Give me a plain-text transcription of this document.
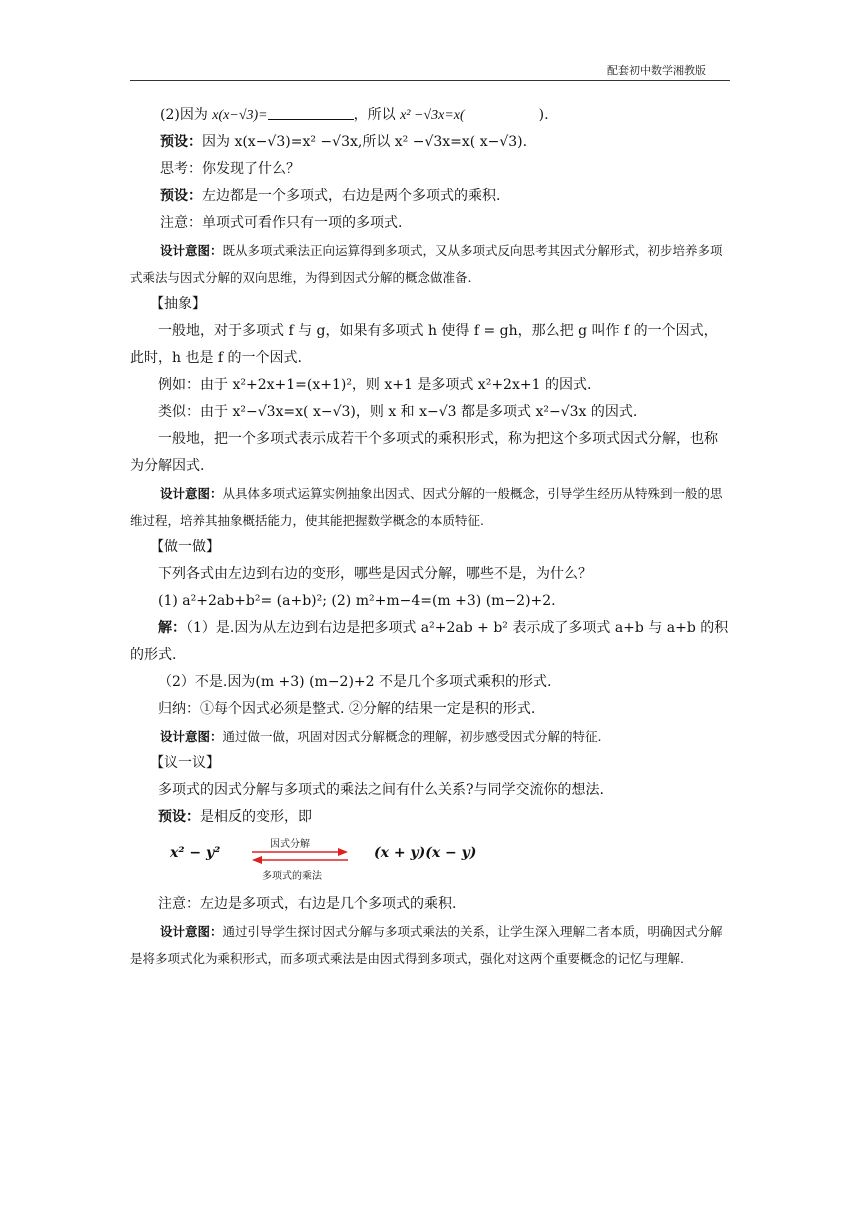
配套初中数学湘教版

(2)因为 x(x−√3)=	，所以 x² −√3x=x(	).

预设：因为 x(x−√3)=x² −√3x,所以 x² −√3x=x( x−√3).

思考：你发现了什么？

预设：左边都是一个多项式，右边是两个多项式的乘积.

注意：单项式可看作只有一项的多项式.

设计意图：既从多项式乘法正向运算得到多项式，又从多项式反向思考其因式分解形式，初步培养多项式乘法与因式分解的双向思维，为得到因式分解的概念做准备.

【抽象】

一般地，对于多项式 f 与 g，如果有多项式 h 使得 f = gh，那么把 g 叫作 f 的一个因式，此时，h 也是 f 的一个因式.

例如：由于 x²+2x+1=(x+1)²，则 x+1 是多项式 x²+2x+1 的因式.

类似：由于 x²−√3x=x( x−√3)，则 x 和 x−√3 都是多项式 x²−√3x 的因式.

一般地，把一个多项式表示成若干个多项式的乘积形式，称为把这个多项式因式分解，也称为分解因式.

设计意图：从具体多项式运算实例抽象出因式、因式分解的一般概念，引导学生经历从特殊到一般的思维过程，培养其抽象概括能力，使其能把握数学概念的本质特征.

【做一做】

下列各式由左边到右边的变形，哪些是因式分解，哪些不是，为什么？

(1) a²+2ab+b²= (a+b)²; (2) m²+m−4=(m +3) (m−2)+2.

解：（1）是.因为从左边到右边是把多项式 a²+2ab + b² 表示成了多项式 a+b 与 a+b 的积的形式.

（2）不是.因为(m +3) (m−2)+2 不是几个多项式乘积的形式.

归纳：①每个因式必须是整式. ②分解的结果一定是积的形式.

设计意图：通过做一做，巩固对因式分解概念的理解，初步感受因式分解的特征.

【议一议】

多项式的因式分解与多项式的乘法之间有什么关系?与同学交流你的想法.

预设：是相反的变形，即

x² − y²
因式分解
多项式的乘法
(x + y)(x − y)

注意：左边是多项式，右边是几个多项式的乘积.

设计意图：通过引导学生探讨因式分解与多项式乘法的关系，让学生深入理解二者本质，明确因式分解是将多项式化为乘积形式，而多项式乘法是由因式得到多项式，强化对这两个重要概念的记忆与理解.
